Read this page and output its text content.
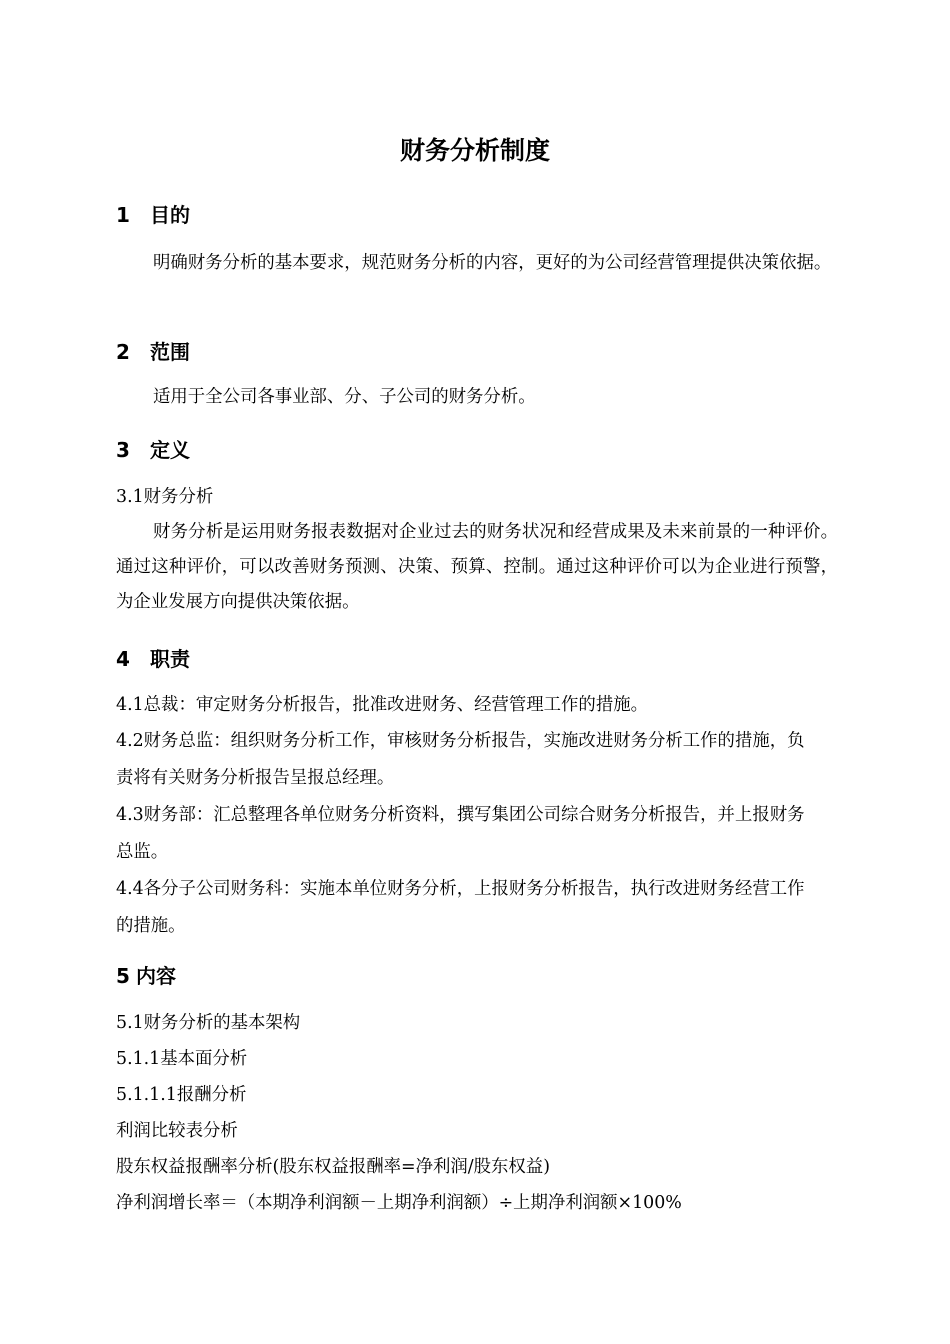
财务分析制度
1 目的
明确财务分析的基本要求，规范财务分析的内容，更好的为公司经营管理提供决策依据。
2 范围
适用于全公司各事业部、分、子公司的财务分析。
3 定义
3.1财务分析
财务分析是运用财务报表数据对企业过去的财务状况和经营成果及未来前景的一种评价。通过这种评价，可以改善财务预测、决策、预算、控制。通过这种评价可以为企业进行预警，为企业发展方向提供决策依据。
4 职责
4.1总裁：审定财务分析报告，批准改进财务、经营管理工作的措施。
4.2财务总监：组织财务分析工作，审核财务分析报告，实施改进财务分析工作的措施，负责将有关财务分析报告呈报总经理。
4.3财务部：汇总整理各单位财务分析资料，撰写集团公司综合财务分析报告，并上报财务总监。
4.4各分子公司财务科：实施本单位财务分析，上报财务分析报告，执行改进财务经营工作的措施。
5 内容
5.1财务分析的基本架构
5.1.1基本面分析
5.1.1.1报酬分析
利润比较表分析
股东权益报酬率分析(股东权益报酬率=净利润/股东权益)
净利润增长率＝（本期净利润额－上期净利润额）÷上期净利润额×100%
